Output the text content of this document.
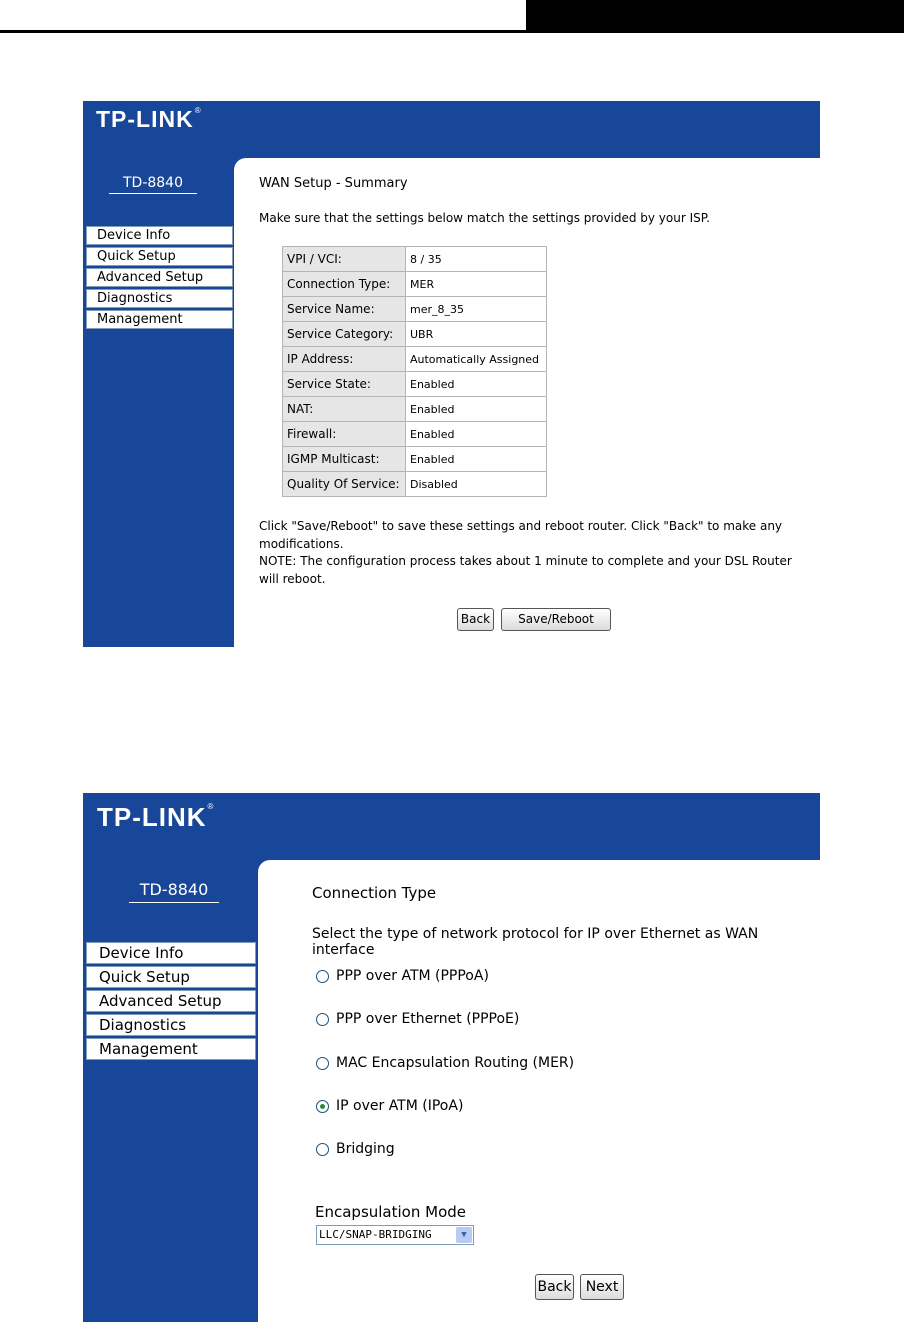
TP-LINK®
TD-8840
Device Info
Quick Setup
Advanced Setup
Diagnostics
Management
WAN Setup - Summary
Make sure that the settings below match the settings provided by your ISP.
VPI / VCI:	8 / 35
Connection Type:	MER
Service Name:	mer_8_35
Service Category:	UBR
IP Address:	Automatically Assigned
Service State:	Enabled
NAT:	Enabled
Firewall:	Enabled
IGMP Multicast:	Enabled
Quality Of Service:	Disabled
Click "Save/Reboot" to save these settings and reboot router. Click "Back" to make any modifications.
NOTE: The configuration process takes about 1 minute to complete and your DSL Router will reboot.
Back	Save/Reboot
TP-LINK®
TD-8840
Device Info
Quick Setup
Advanced Setup
Diagnostics
Management
Connection Type
Select the type of network protocol for IP over Ethernet as WAN interface
PPP over ATM (PPPoA)
PPP over Ethernet (PPPoE)
MAC Encapsulation Routing (MER)
IP over ATM (IPoA)
Bridging
Encapsulation Mode
LLC/SNAP-BRIDGING	▼
Back	Next
